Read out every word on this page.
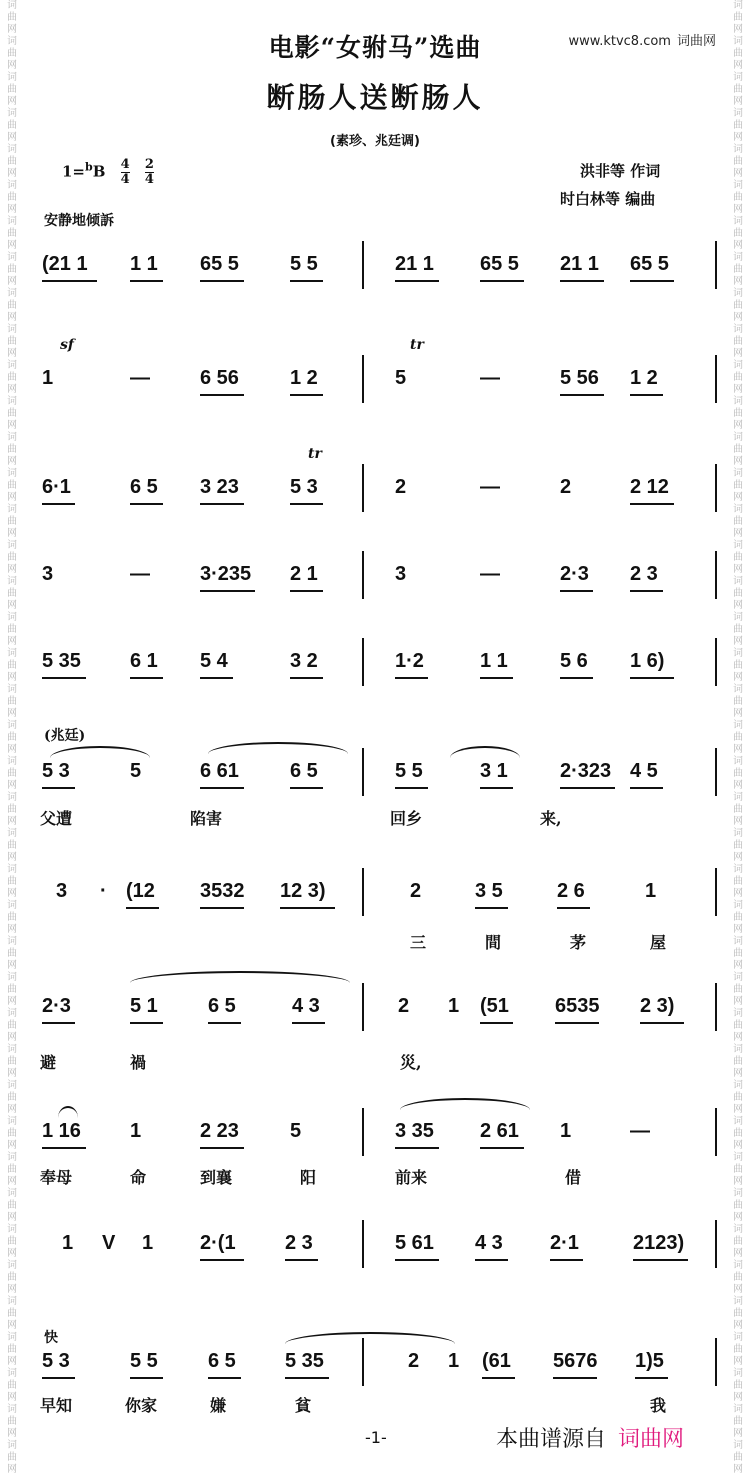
词
曲
网
词
曲
网
词
曲
网
词
曲
网
词
曲
网
词
曲
网
词
曲
网
词
曲
网
词
曲
网
词
曲
网
词
曲
网
词
曲
网
词
曲
网
词
曲
网
词
曲
网
词
曲
网
词
曲
网
词
曲
网
词
曲
网
词
曲
网
词
曲
网
词
曲
网
词
曲
网
词
曲
网
词
曲
网
词
曲
网
词
曲
网
词
曲
网
词
曲
网
词
曲
网
词
曲
网
词
曲
网
词
曲
网
词
曲
网
词
曲
网
词
曲
网
词
曲
网
词
曲
网
词
曲
网
词
曲
网
词
曲
网
词
曲
网
词
曲
网
词
曲
网
词
曲
网
词
曲
网
词
曲
网
词
曲
网
词
曲
网
词
曲
网
词
曲
网
词
曲
网
词
曲
网
词
曲
网
词
曲
网
词
曲
网
词
曲
网
词
曲
网
词
曲
网
词
曲
网
词
曲
网
词
曲
网
词
曲
网
词
曲
网
词
曲
网
词
曲
网
词
曲
网
词
曲
网
词
曲
网
词
曲
网
词
曲
网
词
曲
网
词
曲
网
词
曲
网
词
曲
网
词
曲
网
词
曲
网
词
曲
网
词
曲
网
词
曲
网
词
曲
网
词
曲
网
www.ktvc8.com 词曲网
电影“女驸马”选曲
断肠人送断肠人
(素珍、兆廷调)
$1=^bB \frac{4}{4}$
$\frac{2}{4}$	洪非等 作词
时白林等 编曲
安静地倾訴
快
(21 1 1 1 65 5	5 5	21 1 65 5 21 1 65 5
1	—	6 56	1 2	5	—	5 56 1 2
sf	tr
6·1	6 5 3 23	5 3	2	—	2	2 12
tr
3	—	3·235 2 1	3	—	2·3 2 3
5 35 6 1 5 4	3 2	1·2	1 1	5 6 1 6)
5 3	5	6 61	6 5	5 5	3 1	2·323 4 5
(兆廷)
父遭	陷害	回乡	来,
3 · (12 3532 12 3)	2	3 5	2 6	1
三	間	茅	屋
2·3	5 1	6 5	4 3	2 1 (51 6535 2 3)
避	禍	災,
1 16 1	2 23	5	3 35 2 61 1	—
奉母	命	到襄	阳	前来	借
1 V 1 2·(1 2 3	5 61 4 3 2·1	2123)
5 3	5 5	6 5 5 35	2 1 (61 5676 1)5
早知	你家	嫌	貧	我
-1-	本曲谱源自 词曲网
